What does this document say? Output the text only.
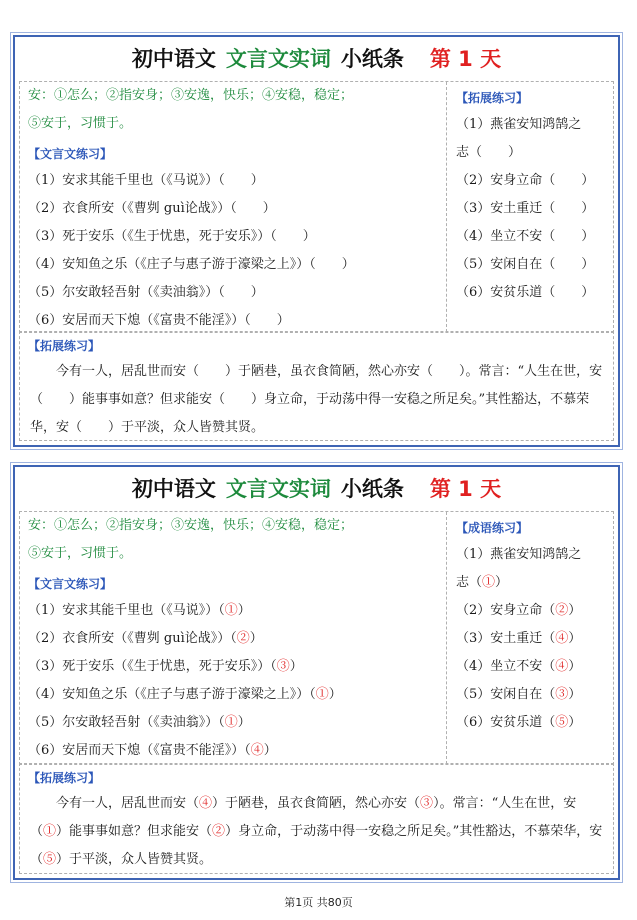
初中语文 文言文实词 小纸条 第 1 天
安：①怎么；②指安身；③安逸，快乐；④安稳，稳定；
⑤安于，习惯于。
【文言文练习】
（1）安求其能千里也（《马说》）（　　）
（2）衣食所安（《曹刿 guì论战》）（　　）
（3）死于安乐（《生于忧患，死于安乐》）（　　）
（4）安知鱼之乐（《庄子与惠子游于濠梁之上》）（　　）
（5）尔安敢轻吾射（《卖油翁》）（　　）
（6）安居而天下熄（《富贵不能淫》）（　　）
【拓展练习】
（1）燕雀安知鸿鹄之
志（　　）
（2）安身立命（　　）
（3）安土重迁（　　）
（4）坐立不安（　　）
（5）安闲自在（　　）
（6）安贫乐道（　　）
【拓展练习】
今有一人，居乱世而安（　　）于陋巷，虽衣食简陋，然心亦安（　　）。常言：“人生在世，安（　　）能事事如意？但求能安（　　）身立命，于动荡中得一安稳之所足矣。”其性豁达，不慕荣华，安（　　）于平淡，众人皆赞其贤。
初中语文 文言文实词 小纸条 第 1 天
安：①怎么；②指安身；③安逸，快乐；④安稳，稳定；
⑤安于，习惯于。
【文言文练习】
（1）安求其能千里也（《马说》）（①）
（2）衣食所安（《曹刿 guì论战》）（②）
（3）死于安乐（《生于忧患，死于安乐》）（③）
（4）安知鱼之乐（《庄子与惠子游于濠梁之上》）（①）
（5）尔安敢轻吾射（《卖油翁》）（①）
（6）安居而天下熄（《富贵不能淫》）（④）
【成语练习】
（1）燕雀安知鸿鹄之
志（①）
（2）安身立命（②）
（3）安土重迁（④）
（4）坐立不安（④）
（5）安闲自在（③）
（6）安贫乐道（⑤）
【拓展练习】
今有一人，居乱世而安（④）于陋巷，虽衣食简陋，然心亦安（③）。常言：“人生在世，安（①）能事事如意？但求能安（②）身立命，于动荡中得一安稳之所足矣。”其性豁达，不慕荣华，安（⑤）于平淡，众人皆赞其贤。
第1页 共80页
